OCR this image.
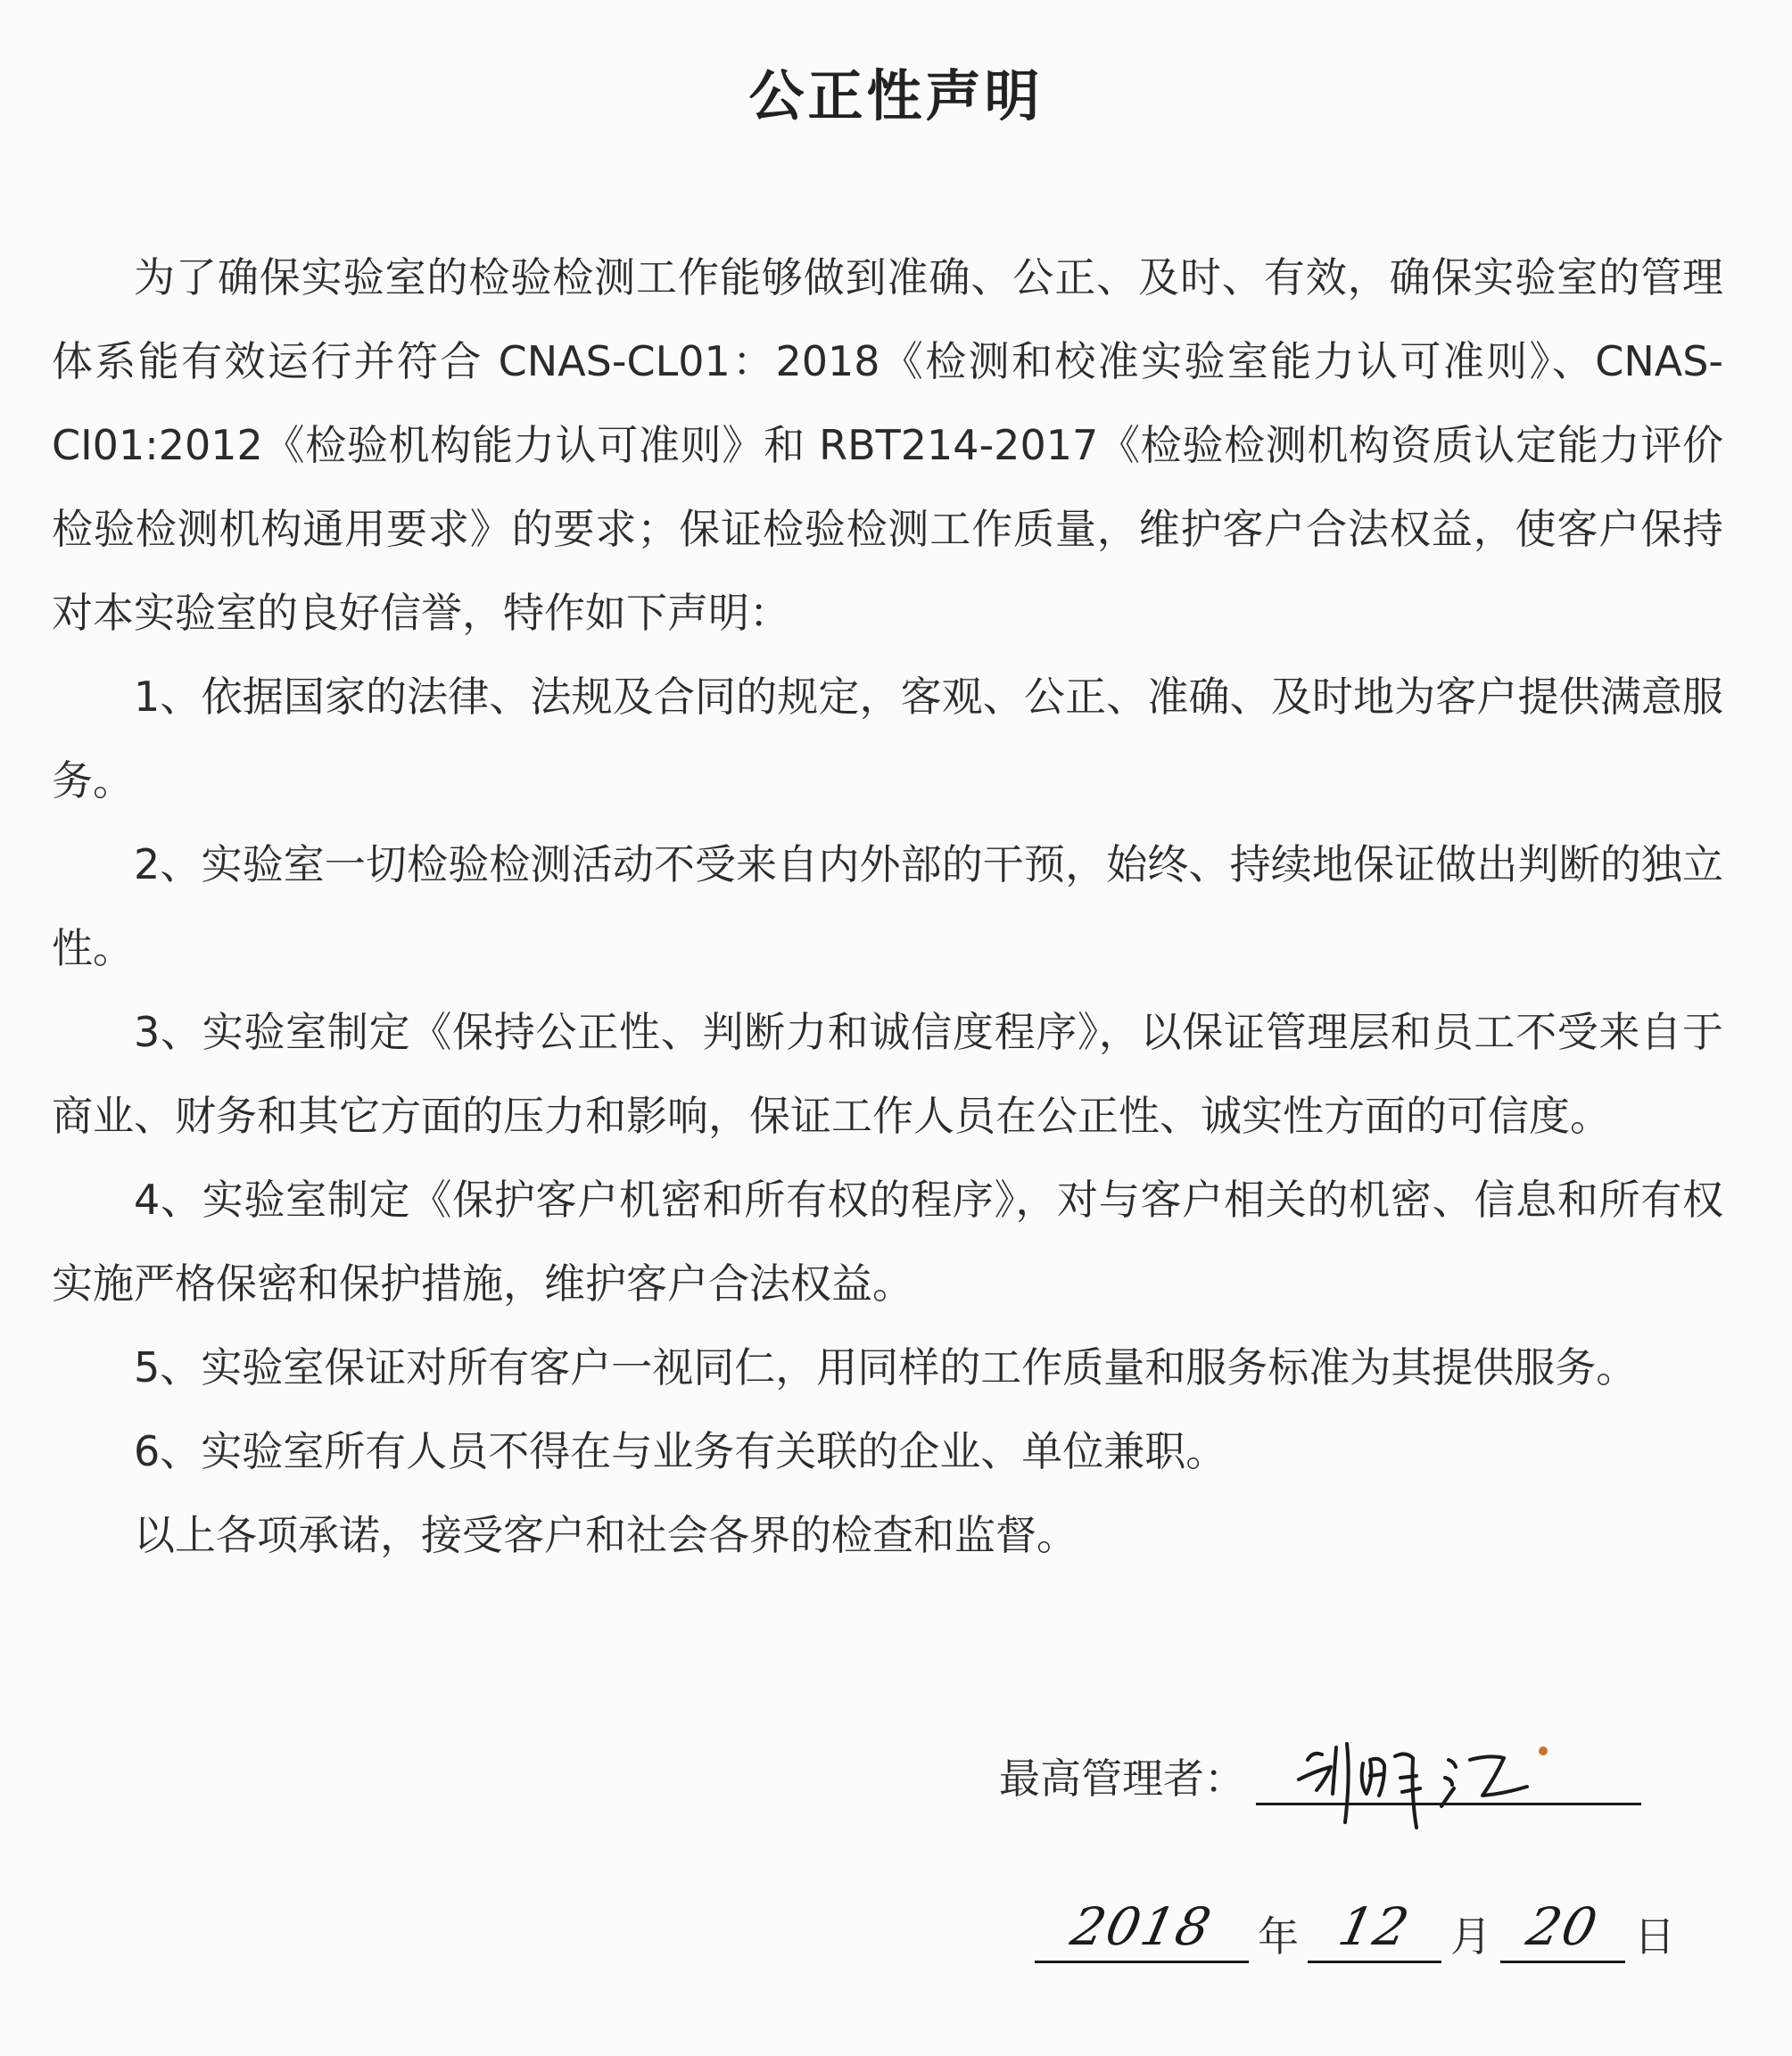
公正性声明

为了确保实验室的检验检测工作能够做到准确、公正、及时、有效，确保实验室的管理体系能有效运行并符合 CNAS-CL01：2018《检测和校准实验室能力认可准则》、CNAS-CI01:2012《检验机构能力认可准则》和 RBT214-2017《检验检测机构资质认定能力评价 检验检测机构通用要求》的要求；保证检验检测工作质量，维护客户合法权益，使客户保持对本实验室的良好信誉，特作如下声明：

1、依据国家的法律、法规及合同的规定，客观、公正、准确、及时地为客户提供满意服务。

2、实验室一切检验检测活动不受来自内外部的干预，始终、持续地保证做出判断的独立性。

3、实验室制定《保持公正性、判断力和诚信度程序》，以保证管理层和员工不受来自于商业、财务和其它方面的压力和影响，保证工作人员在公正性、诚实性方面的可信度。

4、实验室制定《保护客户机密和所有权的程序》，对与客户相关的机密、信息和所有权实施严格保密和保护措施，维护客户合法权益。

5、实验室保证对所有客户一视同仁，用同样的工作质量和服务标准为其提供服务。

6、实验室所有人员不得在与业务有关联的企业、单位兼职。

以上各项承诺，接受客户和社会各界的检查和监督。

最高管理者：
2018 年 12 月 20 日
